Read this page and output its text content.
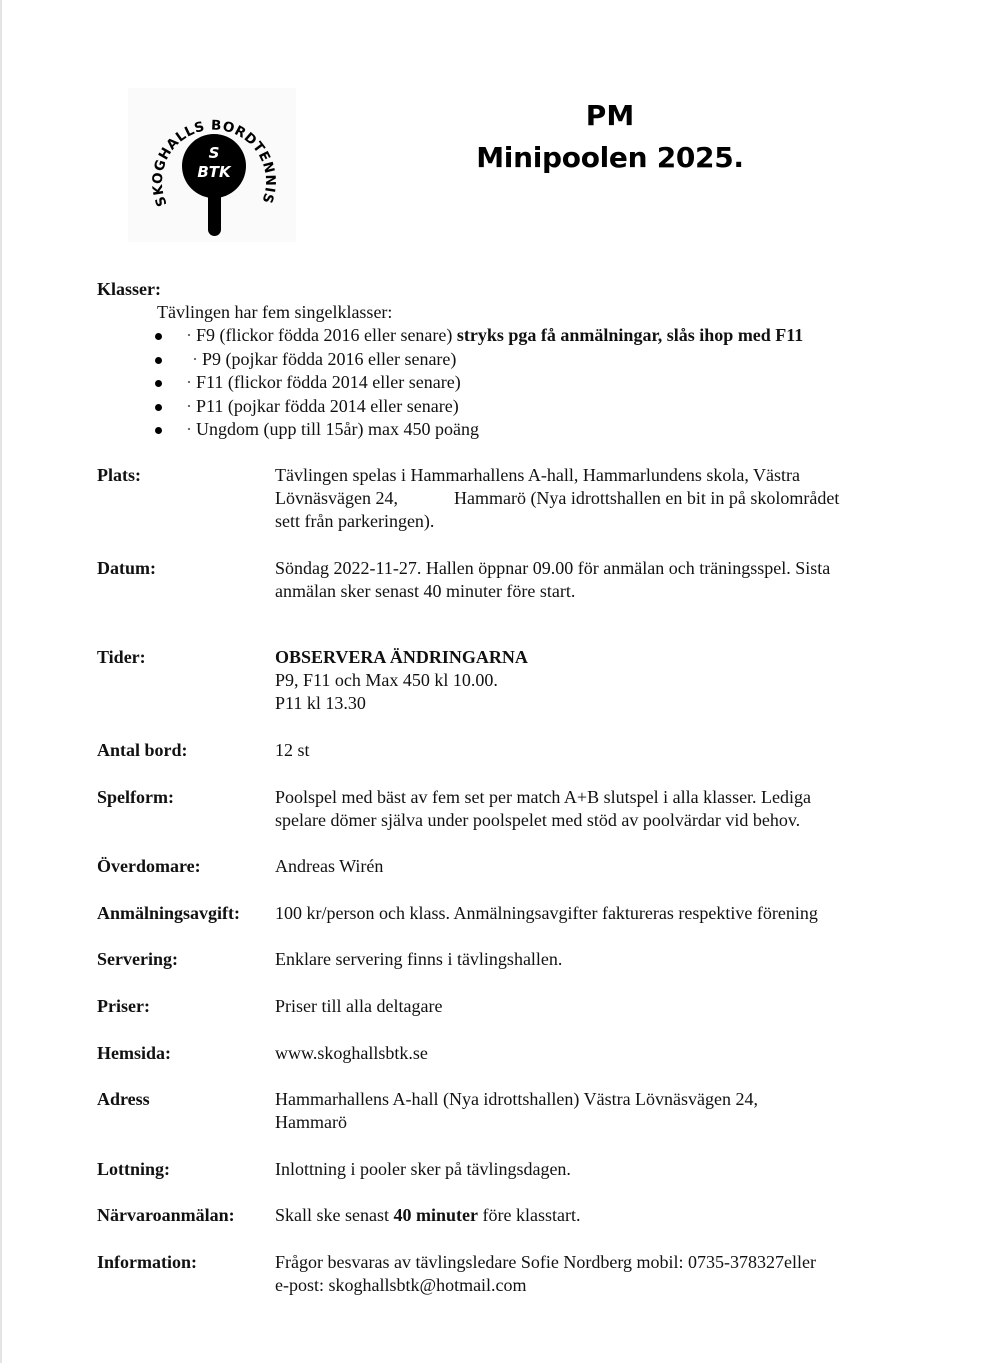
SKOGHALLS BORDTENNIS
S
BTK
PM
Minipoolen 2025.
Klasser:
Tävlingen har fem singelklasser:
· F9 (flickor födda 2016 eller senare) stryks pga få anmälningar, slås ihop med F11
· P9 (pojkar födda 2016 eller senare)
· F11 (flickor födda 2014 eller senare)
· P11 (pojkar födda 2014 eller senare)
· Ungdom (upp till 15år) max 450 poäng
Plats:	Tävlingen spelas i Hammarhallens A-hall, Hammarlundens skola, Västra
Lövnäsvägen 24,	Hammarö (Nya idrottshallen en bit in på skolområdet
sett från parkeringen).
Datum:	Söndag 2022-11-27. Hallen öppnar 09.00 för anmälan och träningsspel. Sista
anmälan sker senast 40 minuter före start.
Tider:	OBSERVERA ÄNDRINGARNA
P9, F11 och Max 450 kl 10.00.
P11 kl 13.30
Antal bord:	12 st
Spelform:	Poolspel med bäst av fem set per match A+B slutspel i alla klasser. Lediga
spelare dömer själva under poolspelet med stöd av poolvärdar vid behov.
Överdomare:	Andreas Wirén
Anmälningsavgift: 100 kr/person och klass. Anmälningsavgifter faktureras respektive förening
Servering:	Enklare servering finns i tävlingshallen.
Priser:	Priser till alla deltagare
Hemsida:	www.skoghallsbtk.se
Adress	Hammarhallens A-hall (Nya idrottshallen) Västra Lövnäsvägen 24,
Hammarö
Lottning:	Inlottning i pooler sker på tävlingsdagen.
Närvaroanmälan: Skall ske senast 40 minuter före klasstart.
Information:	Frågor besvaras av tävlingsledare Sofie Nordberg mobil: 0735-378327eller
e-post: skoghallsbtk@hotmail.com
